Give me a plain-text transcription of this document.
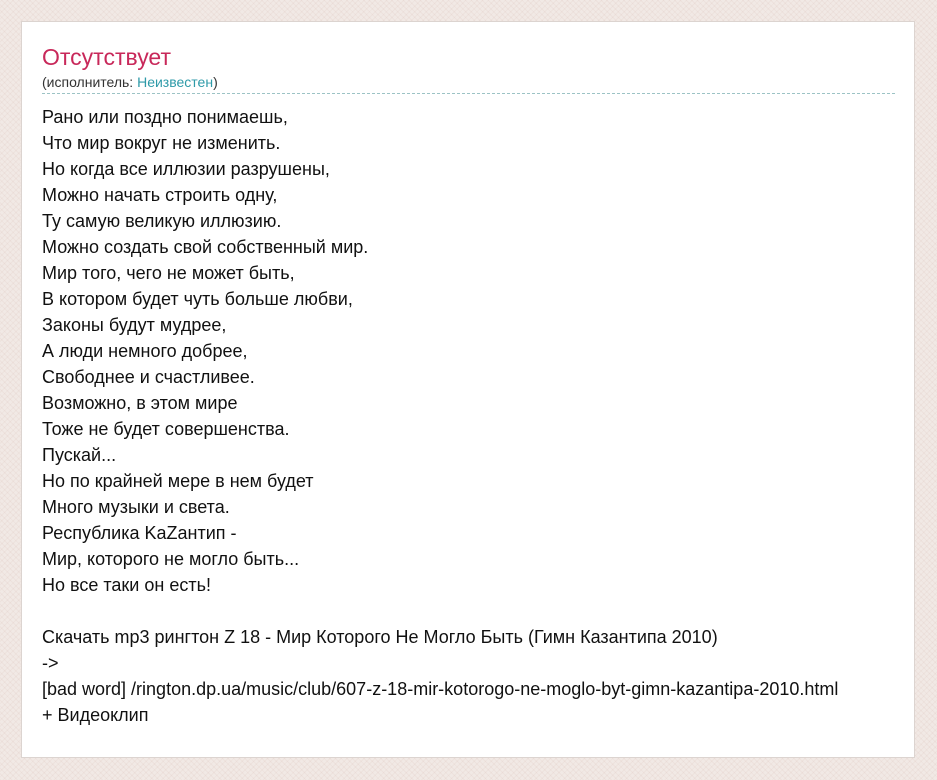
Отсутствует
(исполнитель: Неизвестен)
Рано или поздно понимаешь,
Что мир вокруг не изменить.
Но когда все иллюзии разрушены,
Можно начать строить одну,
Ту самую великую иллюзию.
Можно создать свой собственный мир.
Мир того, чего не может быть,
В котором будет чуть больше любви,
Законы будут мудрее,
А люди немного добрее,
Свободнее и счастливее.
Возможно, в этом мире
Тоже не будет совершенства.
Пускай...
Но по крайней мере в нем будет
Много музыки и света.
Республика KaZантип -
Мир, которого не могло быть...
Но все таки он есть!
Скачать mp3 рингтон Z 18 - Мир Которого Не Могло Быть (Гимн Казантипа 2010)
->
[bad word] /rington.dp.ua/music/club/607-z-18-mir-kotorogo-ne-moglo-byt-gimn-kazantipa-2010.html
+ Видеоклип
